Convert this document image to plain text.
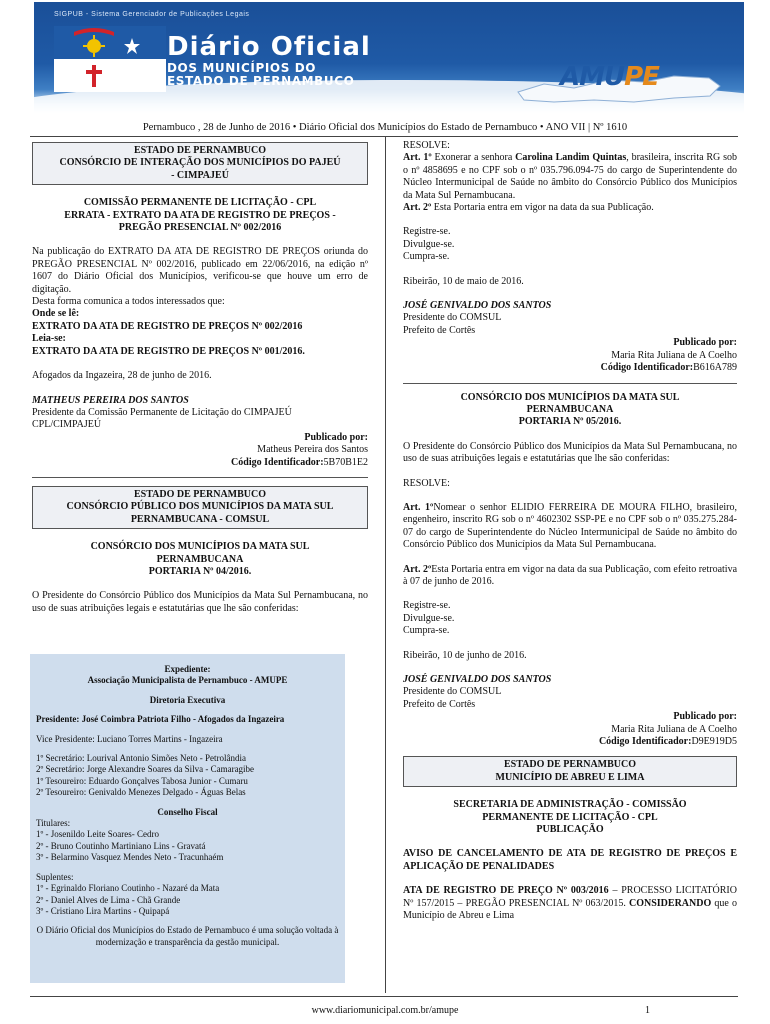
SIGPUB - Sistema Gerenciador de Publicações Legais
Diário Oficial
DOS MUNICÍPIOS DO
ESTADO DE PERNAMBUCO	AMUPE
Pernambuco , 28 de Junho de 2016 • Diário Oficial dos Municípios do Estado de Pernambuco • ANO VII | Nº 1610
ESTADO DE PERNAMBUCO
CONSÓRCIO DE INTERAÇÃO DOS MUNICÍPIOS DO PAJEÚ
- CIMPAJEÚ
COMISSÃO PERMANENTE DE LICITAÇÃO - CPL
ERRATA - EXTRATO DA ATA DE REGISTRO DE PREÇOS -
PREGÃO PRESENCIAL Nº 002/2016
Na publicação do EXTRATO DA ATA DE REGISTRO DE PREÇOS oriunda do PREGÃO PRESENCIAL Nº 002/2016, publicado em 22/06/2016, na edição nº 1607 do Diário Oficial dos Municípios, verificou-se que houve um erro de digitação.
Desta forma comunica a todos interessados que:
Onde se lê:
EXTRATO DA ATA DE REGISTRO DE PREÇOS Nº 002/2016
Leia-se:
EXTRATO DA ATA DE REGISTRO DE PREÇOS Nº 001/2016.
Afogados da Ingazeira, 28 de junho de 2016.
MATHEUS PEREIRA DOS SANTOS
Presidente da Comissão Permanente de Licitação do CIMPAJEÚ
CPL/CIMPAJEÚ
Publicado por:
Matheus Pereira dos Santos
Código Identificador:5B70B1E2
ESTADO DE PERNAMBUCO
CONSÓRCIO PÚBLICO DOS MUNICÍPIOS DA MATA SUL
PERNAMBUCANA - COMSUL
CONSÓRCIO DOS MUNICÍPIOS DA MATA SUL
PERNAMBUCANA
PORTARIA Nº 04/2016.
O Presidente do Consórcio Público dos Municípios da Mata Sul Pernambucana, no uso de suas atribuições legais e estatutárias que lhe são conferidas:
Expediente:
Associação Municipalista de Pernambuco - AMUPE
Diretoria Executiva
Presidente: José Coimbra Patriota Filho - Afogados da Ingazeira
Vice Presidente: Luciano Torres Martins - Ingazeira
1º Secretário: Lourival Antonio Simões Neto - Petrolândia
2º Secretário: Jorge Alexandre Soares da Silva - Camaragibe
1º Tesoureiro: Eduardo Gonçalves Tabosa Junior - Cumaru
2º Tesoureiro: Genivaldo Menezes Delgado - Águas Belas
Conselho Fiscal
Titulares:
1º - Josenildo Leite Soares- Cedro
2º - Bruno Coutinho Martiniano Lins - Gravatá
3º - Belarmino Vasquez Mendes Neto - Tracunhaém
Suplentes:
1º - Egrinaldo Floriano Coutinho - Nazaré da Mata
2º - Daniel Alves de Lima - Chã Grande
3º - Cristiano Lira Martins - Quipapá
O Diário Oficial dos Municípios do Estado de Pernambuco é uma solução voltada à modernização e transparência da gestão municipal.
RESOLVE:
Art. 1º Exonerar a senhora Carolina Landim Quintas, brasileira, inscrita RG sob o nº 4858695 e no CPF sob o nº 035.796.094-75 do cargo de Superintendente do Núcleo Intermunicipal de Saúde no âmbito do Consórcio Público dos Municípios da Mata Sul Pernambucana.
Art. 2º Esta Portaria entra em vigor na data da sua Publicação.
Registre-se.
Divulgue-se.
Cumpra-se.
Ribeirão, 10 de maio de 2016.
JOSÉ GENIVALDO DOS SANTOS
Presidente do COMSUL
Prefeito de Cortês
Publicado por:
Maria Rita Juliana de A Coelho
Código Identificador:B616A789
CONSÓRCIO DOS MUNICÍPIOS DA MATA SUL
PERNAMBUCANA
PORTARIA Nº 05/2016.
O Presidente do Consórcio Público dos Municípios da Mata Sul Pernambucana, no uso de suas atribuições legais e estatutárias que lhe são conferidas:
RESOLVE:
Art. 1ºNomear o senhor ELIDIO FERREIRA DE MOURA FILHO, brasileiro, engenheiro, inscrito RG sob o nº 4602302 SSP-PE e no CPF sob o nº 035.275.284-07 do cargo de Superintendente do Núcleo Intermunicipal de Saúde no âmbito do Consórcio Público dos Municípios da Mata Sul Pernambucana.
Art. 2ºEsta Portaria entra em vigor na data da sua Publicação, com efeito retroativa à 07 de junho de 2016.
Registre-se.
Divulgue-se.
Cumpra-se.
Ribeirão, 10 de junho de 2016.
JOSÉ GENIVALDO DOS SANTOS
Presidente do COMSUL
Prefeito de Cortês
Publicado por:
Maria Rita Juliana de A Coelho
Código Identificador:D9E919D5
ESTADO DE PERNAMBUCO
MUNICÍPIO DE ABREU E LIMA
SECRETARIA DE ADMINISTRAÇÃO - COMISSÃO
PERMANENTE DE LICITAÇÃO - CPL
PUBLICAÇÃO
AVISO DE CANCELAMENTO DE ATA DE REGISTRO DE PREÇOS E APLICAÇÃO DE PENALIDADES
ATA DE REGISTRO DE PREÇO Nº 003/2016 – PROCESSO LICITATÓRIO Nº 157/2015 – PREGÃO PRESENCIAL Nº 063/2015. CONSIDERANDO que o Município de Abreu e Lima
www.diariomunicipal.com.br/amupe	1
